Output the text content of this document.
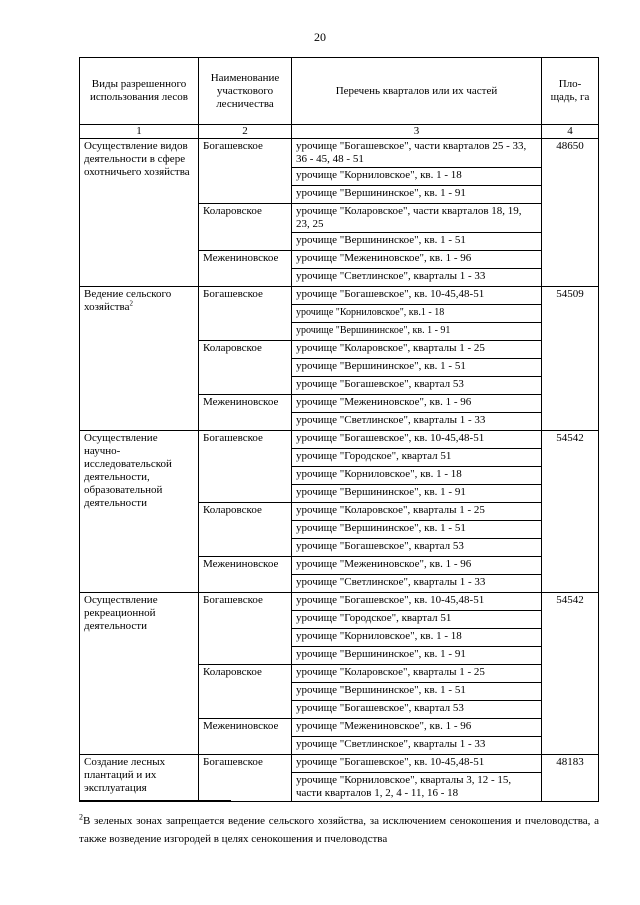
20
Виды разрешенного использования лесов	Наименование участкового лесничества	Перечень кварталов или их частей	Пло-щадь, га
1	2	3	4
Осуществление видов деятельности в сфере охотничьего хозяйства	Богашевское	урочище "Богашевское", части кварталов 25 - 33, 36 - 45, 48 - 51	48650
		урочище "Корниловское", кв. 1 - 18	
		урочище "Вершининское", кв. 1 - 91	
	Коларовское	урочище "Коларовское", части кварталов 18, 19, 23, 25	
		урочище "Вершининское", кв. 1 - 51	
	Межениновское	урочище "Межениновское", кв. 1 - 96	
		урочище "Светлинское", кварталы 1 - 33	
Ведение сельского хозяйства$^2$	Богашевское	урочище "Богашевское", кв. 10-45,48-51	54509
		урочище "Корниловское", кв.1 - 18	
		урочище "Вершининское", кв. 1 - 91	
	Коларовское	урочище "Коларовское", кварталы 1 - 25	
		урочище "Вершининское", кв. 1 - 51	
		урочище "Богашевское", квартал 53	
	Межениновское	урочище "Межениновское", кв. 1 - 96	
		урочище "Светлинское", кварталы 1 - 33	
Осуществление научно-исследовательской деятельности, образовательной деятельности	Богашевское	урочище "Богашевское", кв. 10-45,48-51	54542
		урочище "Городское", квартал 51	
		урочище "Корниловское", кв. 1 - 18	
		урочище "Вершининское", кв. 1 - 91	
	Коларовское	урочище "Коларовское", кварталы 1 - 25	
		урочище "Вершининское", кв. 1 - 51	
		урочище "Богашевское", квартал 53	
	Межениновское	урочище "Межениновское", кв. 1 - 96	
		урочище "Светлинское", кварталы 1 - 33	
Осуществление рекреационной деятельности	Богашевское	урочище "Богашевское", кв. 10-45,48-51	54542
		урочище "Городское", квартал 51	
		урочище "Корниловское", кв. 1 - 18	
		урочище "Вершининское", кв. 1 - 91	
	Коларовское	урочище "Коларовское", кварталы 1 - 25	
		урочище "Вершининское", кв. 1 - 51	
		урочище "Богашевское", квартал 53	
	Межениновское	урочище "Межениновское", кв. 1 - 96	
		урочище "Светлинское", кварталы 1 - 33	
Создание лесных плантаций и их эксплуатация	Богашевское	урочище "Богашевское", кв. 10-45,48-51	48183
		урочище "Корниловское", кварталы 3, 12 - 15, части кварталов 1, 2, 4 - 11, 16 - 18	
$^2$В зеленых зонах запрещается ведение сельского хозяйства, за исключением сенокошения и пчеловодства, а также возведение изгородей в целях сенокошения и пчеловодства
